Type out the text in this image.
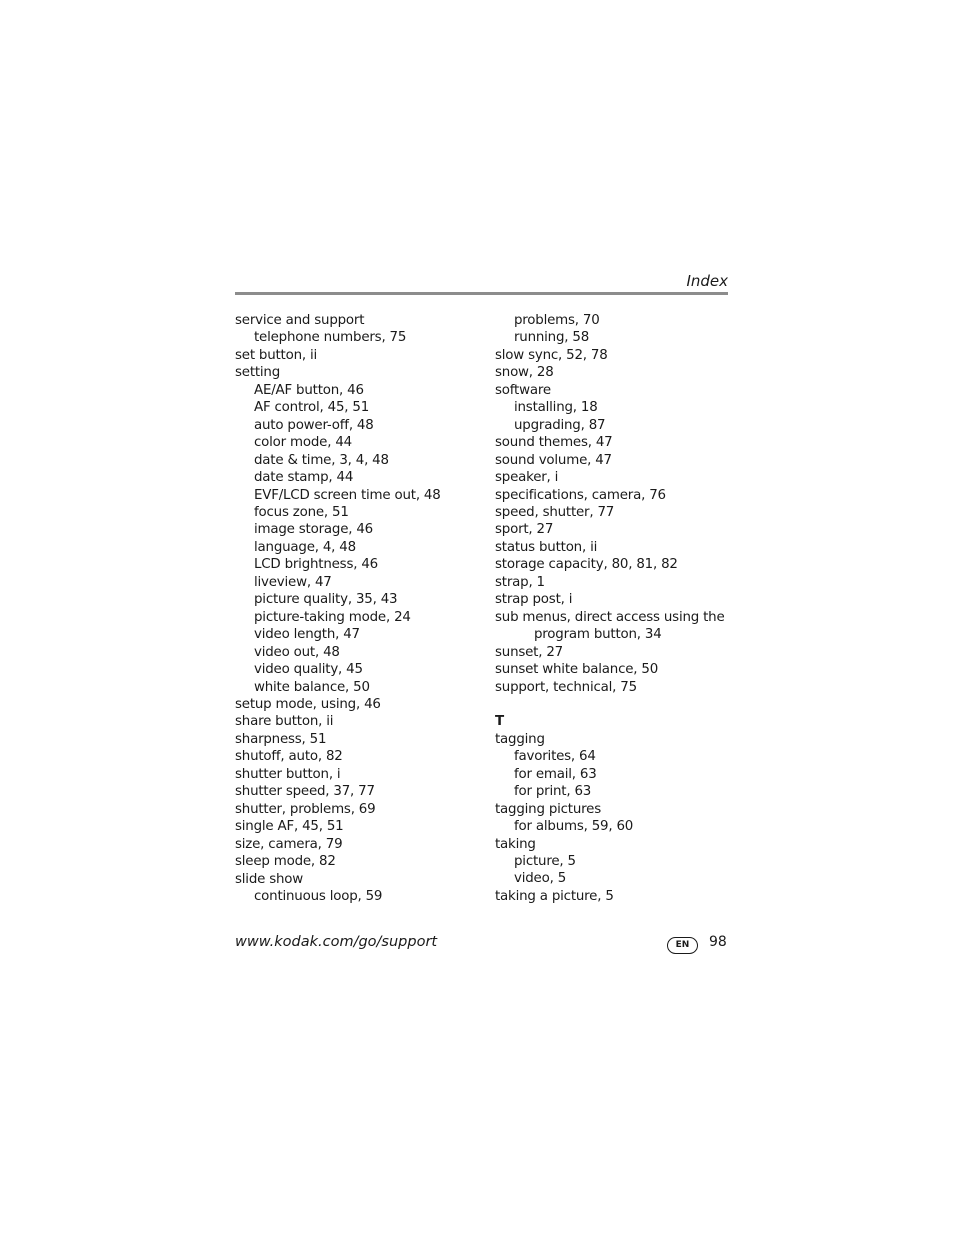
Index
service and support
telephone numbers, 75
set button, ii
setting
AE/AF button, 46
AF control, 45, 51
auto power-off, 48
color mode, 44
date & time, 3, 4, 48
date stamp, 44
EVF/LCD screen time out, 48
focus zone, 51
image storage, 46
language, 4, 48
LCD brightness, 46
liveview, 47
picture quality, 35, 43
picture-taking mode, 24
video length, 47
video out, 48
video quality, 45
white balance, 50
setup mode, using, 46
share button, ii
sharpness, 51
shutoff, auto, 82
shutter button, i
shutter speed, 37, 77
shutter, problems, 69
single AF, 45, 51
size, camera, 79
sleep mode, 82
slide show
continuous loop, 59
problems, 70
running, 58
slow sync, 52, 78
snow, 28
software
installing, 18
upgrading, 87
sound themes, 47
sound volume, 47
speaker, i
specifications, camera, 76
speed, shutter, 77
sport, 27
status button, ii
storage capacity, 80, 81, 82
strap, 1
strap post, i
sub menus, direct access using the
program button, 34
sunset, 27
sunset white balance, 50
support, technical, 75
T
tagging
favorites, 64
for email, 63
for print, 63
tagging pictures
for albums, 59, 60
taking
picture, 5
video, 5
taking a picture, 5
www.kodak.com/go/support	EN	98
